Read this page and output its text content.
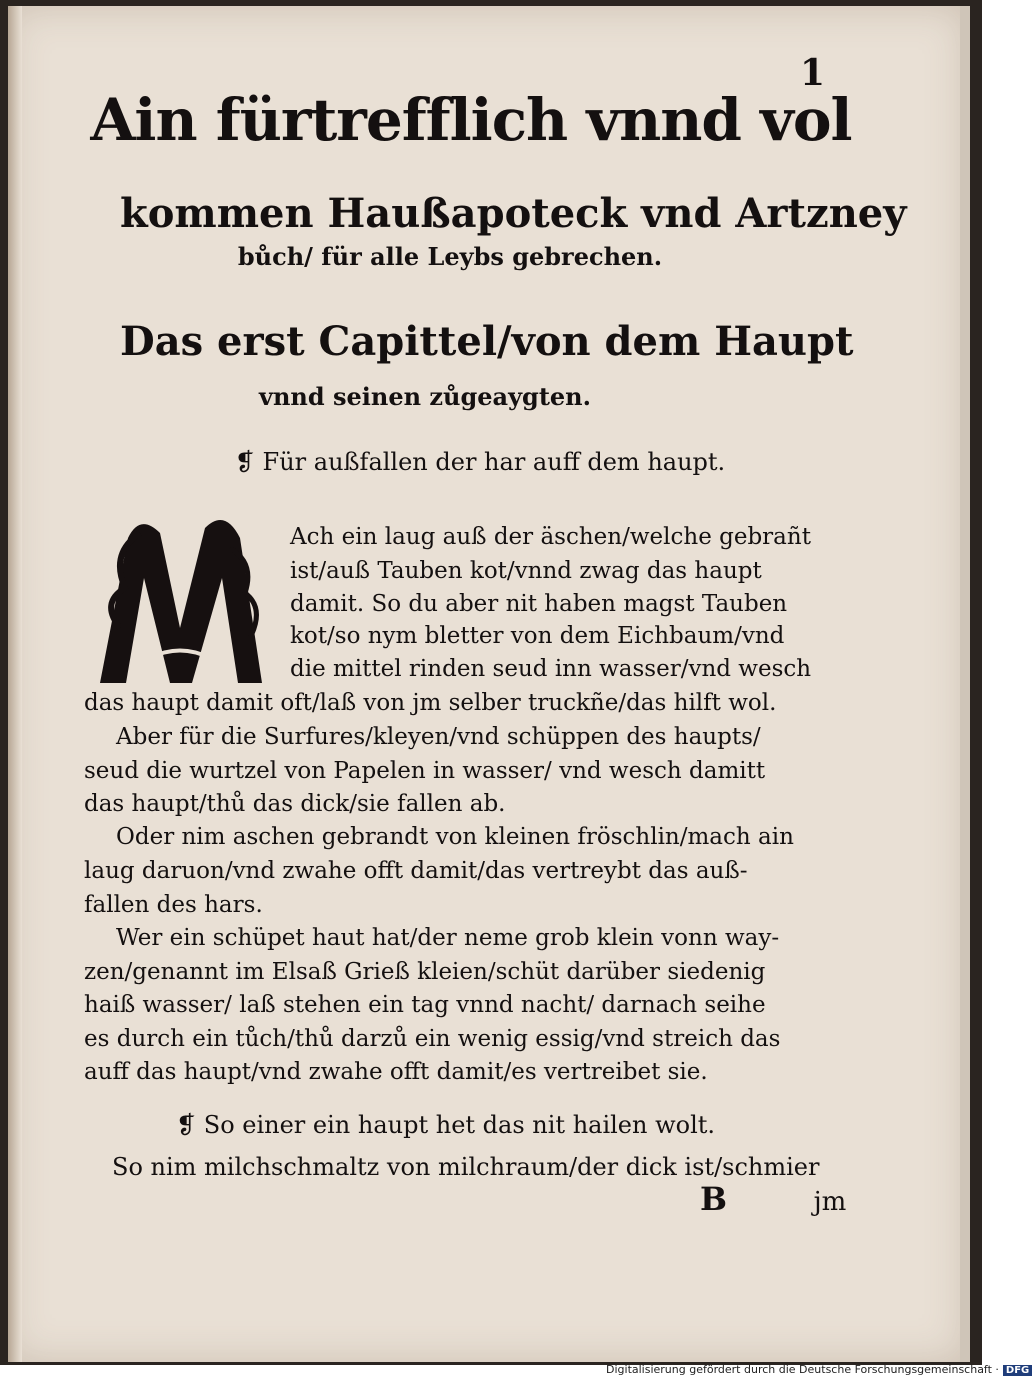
1
Ain fürtrefflich vnnd vol
kommen Haußapoteck vnd Artzney
bůch/ für alle Leybs gebrechen.
Das erst Capittel/von dem Haupt
vnnd seinen zůgeaygten.
❡ Für außfallen der har auff dem haupt.
Ach ein laug auß der äschen/welche gebrañt
ist/auß Tauben kot/vnnd zwag das haupt
damit. So du aber nit haben magst Tauben
kot/so nym bletter von dem Eichbaum/vnd
die mittel rinden seud inn wasser/vnd wesch
das haupt damit oft/laß von jm selber truckñe/das hilft wol.
Aber für die Surfures/kleyen/vnd schüppen des haupts/
seud die wurtzel von Papelen in wasser/ vnd wesch damitt
das haupt/thů das dick/sie fallen ab.
Oder nim aschen gebrandt von kleinen fröschlin/mach ain
laug daruon/vnd zwahe offt damit/das vertreybt das auß-
fallen des hars.
Wer ein schüpet haut hat/der neme grob klein vonn way-
zen/genannt im Elsaß Grieß kleien/schüt darüber siedenig
haiß wasser/ laß stehen ein tag vnnd nacht/ darnach seihe
es durch ein tůch/thů darzů ein wenig essig/vnd streich das
auff das haupt/vnd zwahe offt damit/es vertreibet sie.
❡ So einer ein haupt het das nit hailen wolt.
So nim milchschmaltz von milchraum/der dick ist/schmier
B	jm
Digitalisierung gefördert durch die Deutsche Forschungsgemeinschaft · DFG
